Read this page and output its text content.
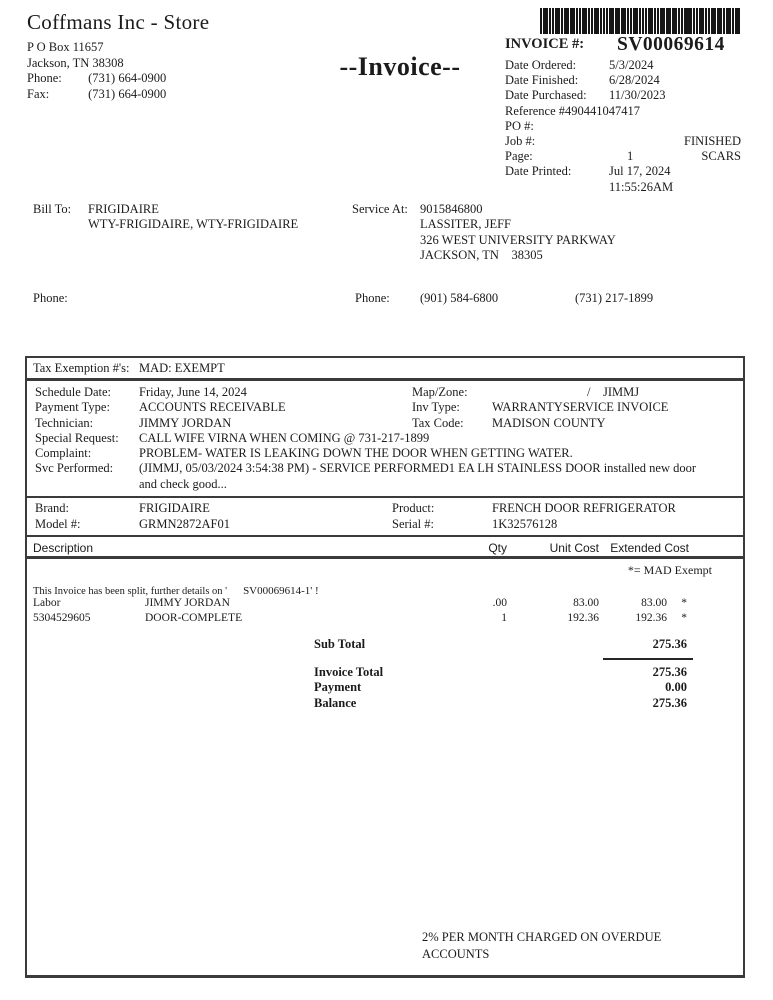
Coffmans Inc - Store
P O Box 11657
Jackson, TN 38308
Phone: (731) 664-0900
Fax:	(731) 664-0900
--Invoice--
INVOICE #: SV00069614
Date Ordered:	5/3/2024
Date Finished: 6/28/2024
Date Purchased: 11/30/2023
Reference #490441047417
PO #:
Job #:	FINISHED
Page:	1	SCARS
Date Printed:	Jul 17, 2024
11:55:26AM
Bill To: FRIGIDAIRE
WTY-FRIGIDAIRE, WTY-FRIGIDAIRE
Service At: 9015846800
LASSITER, JEFF
326 WEST UNIVERSITY PARKWAY
JACKSON, TN    38305
Phone:	Phone: (901) 584-6800	(731) 217-1899
Tax Exemption #'s: MAD: EXEMPT
Schedule Date: Friday, June 14, 2024
Payment Type: ACCOUNTS RECEIVABLE
Technician:	JIMMY JORDAN
Special Request: CALL WIFE VIRNA WHEN COMING @ 731-217-1899
Complaint:	PROBLEM- WATER IS LEAKING DOWN THE DOOR WHEN GETTING WATER.
Svc Performed: (JIMMJ, 05/03/2024 3:54:38 PM) - SERVICE PERFORMED1 EA LH STAINLESS DOOR installed new door and check good...
Map/Zone:	/    JIMMJ
Inv Type:	WARRANTYSERVICE INVOICE
Tax Code: MADISON COUNTY
Brand:	FRIGIDAIRE	Product:	FRENCH DOOR REFRIGERATOR
Model #:	GRMN2872AF01	Serial #:	1K32576128
Description	Qty	Unit Cost Extended Cost
*= MAD Exempt
This Invoice has been split, further details on ' SV00069614-1' !
Labor	JIMMY JORDAN	.00	83.00	83.00 *
5304529605	DOOR-COMPLETE	1	192.36	192.36 *
Sub Total	275.36
Invoice Total	275.36
Payment	0.00
Balance	275.36
2% PER MONTH CHARGED ON OVERDUE
ACCOUNTS
